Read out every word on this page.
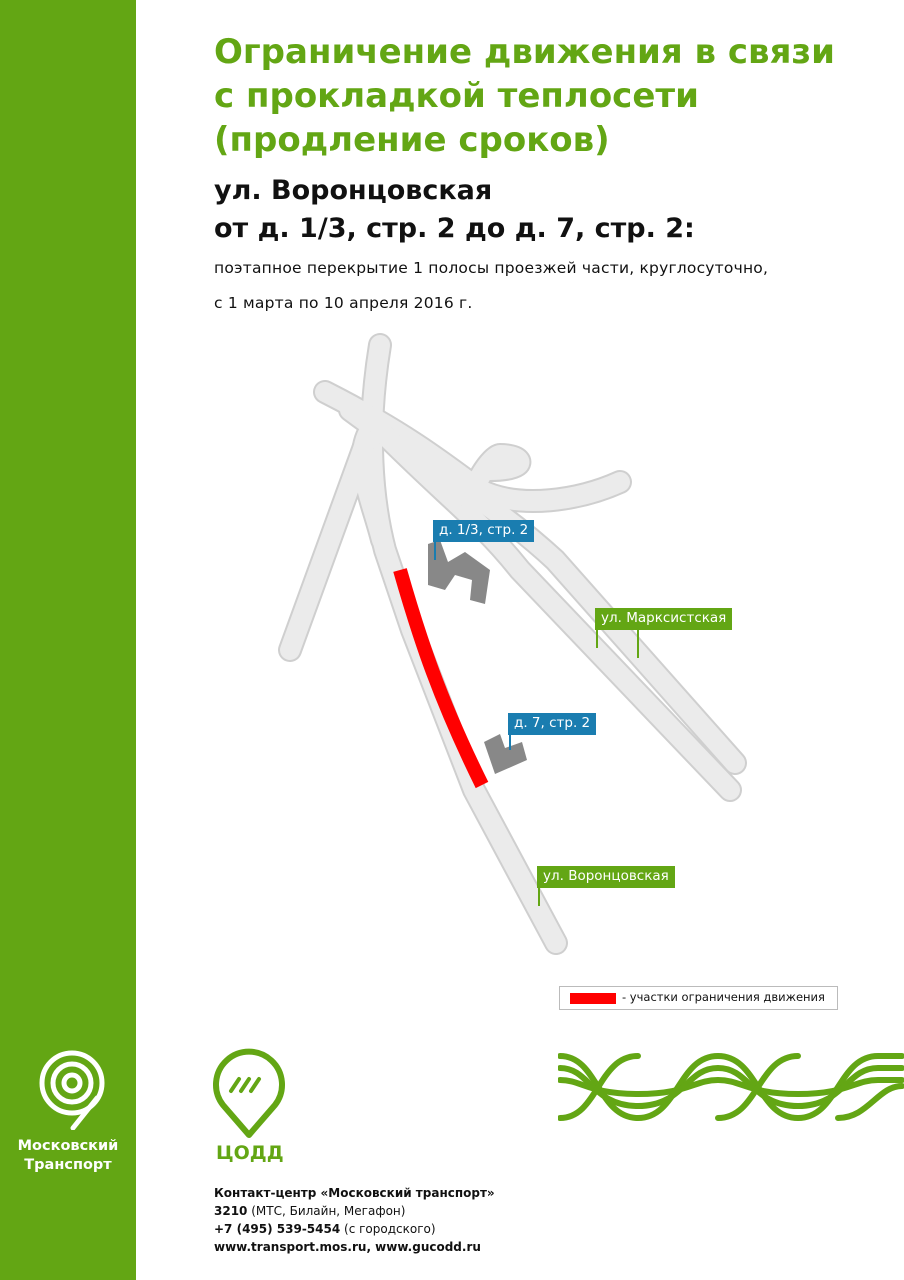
Ограничение движения в связи
с прокладкой теплосети
(продление сроков)
ул. Воронцовская
от д. 1/3, стр. 2 до д. 7, стр. 2:
поэтапное перекрытие 1 полосы проезжей части, круглосуточно,
с 1 марта по 10 апреля 2016 г.
д. 1/3, стр. 2
д. 7, стр. 2
ул. Марксистская
ул. Воронцовская
- участки ограничения движения
Московский
Транспорт
ЦОДД
Контакт-центр «Московский транспорт»
3210 (МТС, Билайн, Мегафон)
+7 (495) 539-5454 (с городского)
www.transport.mos.ru, www.gucodd.ru
